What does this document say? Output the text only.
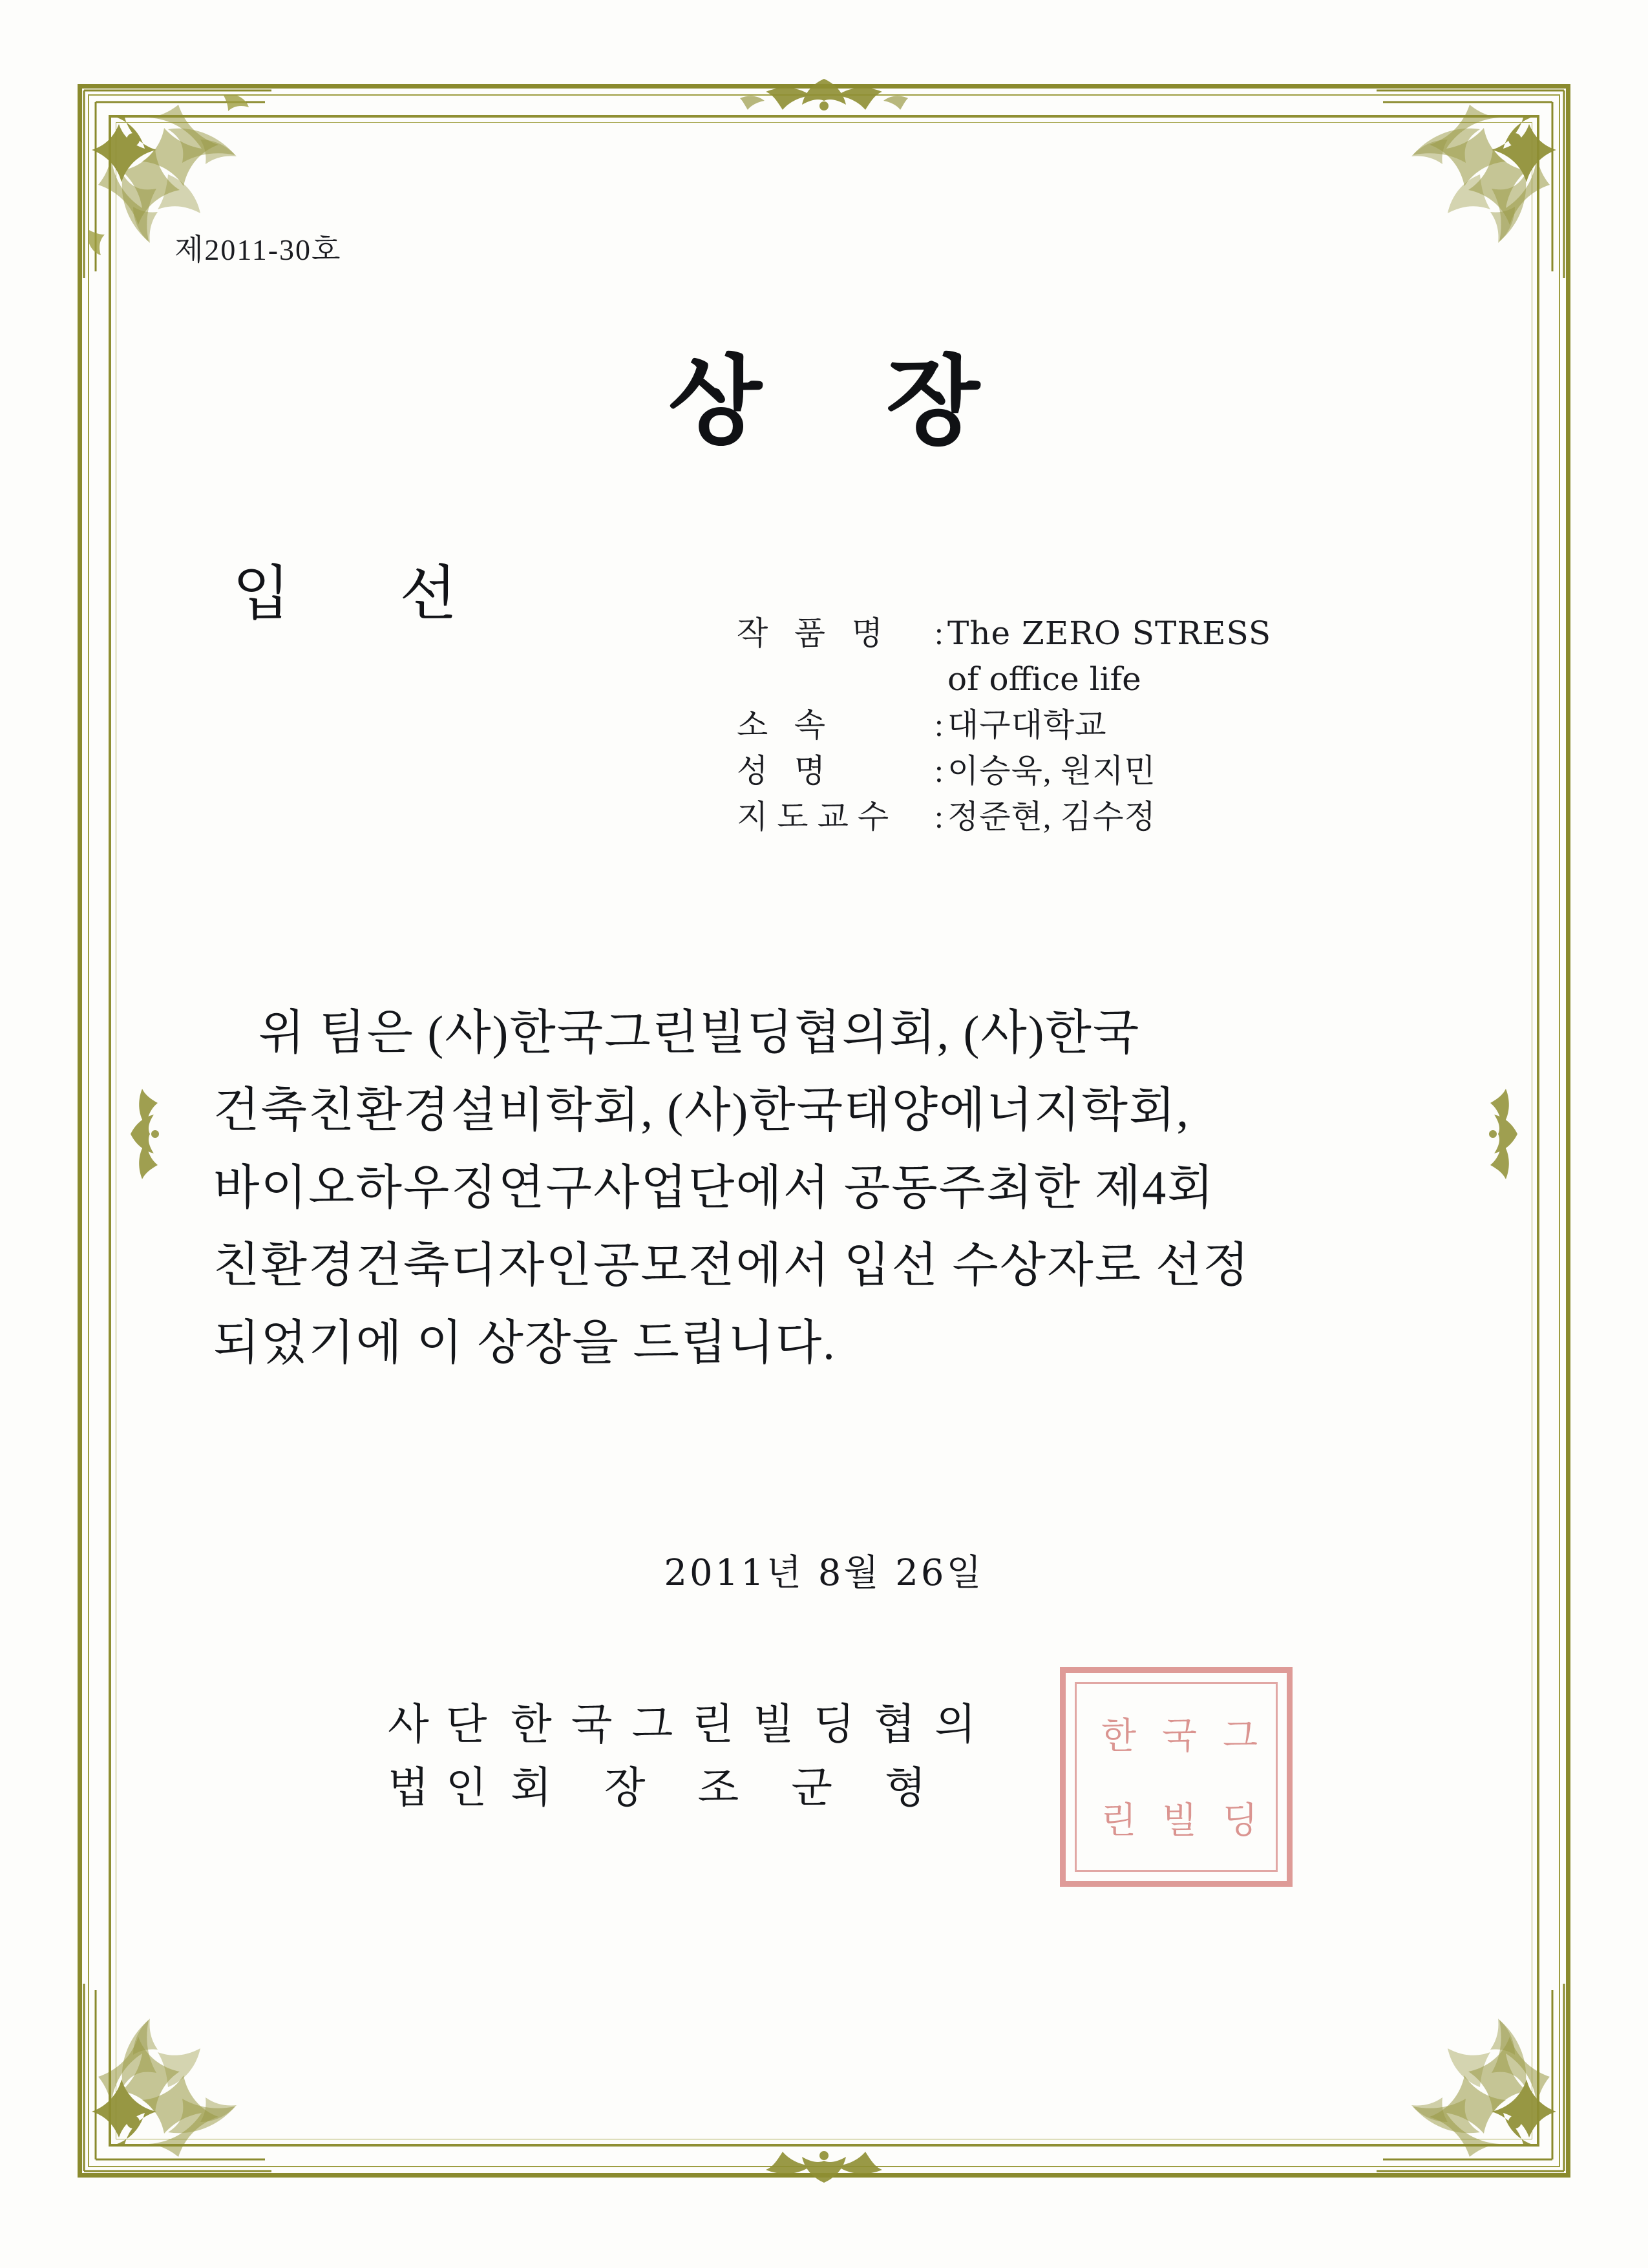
제2011-30호
상 장
입 선
작 품 명	: The ZERO STRESS
of office life
소 속	: 대구대학교
성 명	: 이승욱, 원지민
지도교수	: 정준현, 김수정

위 팀은 (사)한국그린빌딩협의회, (사)한국

건축친환경설비학회, (사)한국태양에너지학회,

바이오하우징연구사업단에서 공동주최한 제4회

친환경건축디자인공모전에서 입선 수상자로 선정

되었기에 이 상장을 드립니다.

2011년 8월 26일
사단 한국그린빌딩협의
법인 회 장 조 군 형
한 국 그
린 빌 딩
